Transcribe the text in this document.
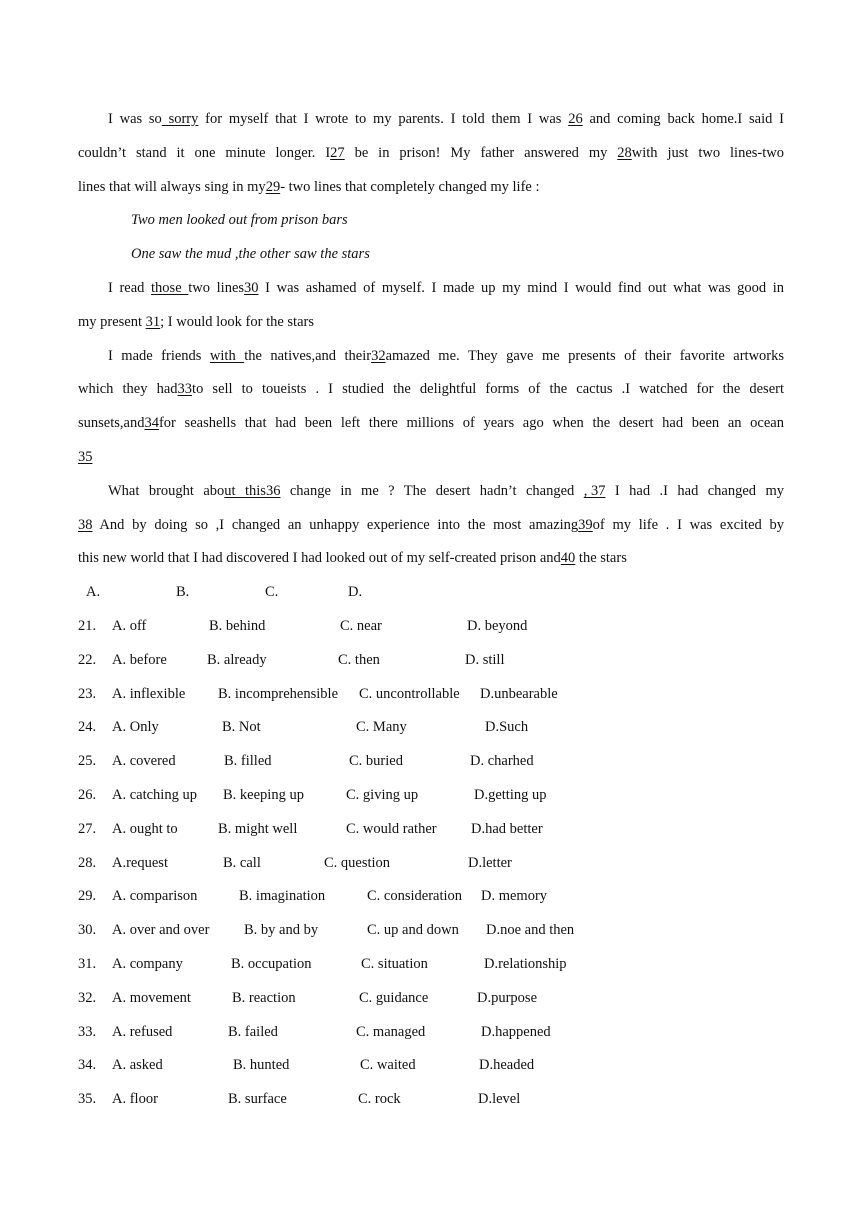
I was so sorry for myself that I wrote to my parents. I told them I was 26 and coming back home.I said I
couldn’t stand it one minute longer. I27 be in prison! My father answered my 28with just two lines-two
lines that will always sing in my29- two lines that completely changed my life :
Two men looked out from prison bars
One saw the mud ,the other saw the stars
I read those two lines30 I was ashamed of myself. I made up my mind I would find out what was good in
my present 31; I would look for the stars
I made friends with the natives,and their32amazed me. They gave me presents of their favorite artworks
which they had33to sell to toueists . I studied the delightful forms of the cactus .I watched for the desert
sunsets,and34for seashells that had been left there millions of years ago when the desert had been an ocean
35
What brought about this36 change in me ? The desert hadn’t changed , 37 I had .I had changed my
38 And by doing so ,I changed an unhappy experience into the most amazing39of my life . I was excited by
this new world that I had discovered I had looked out of my self-created prison and40 the stars
A.	B.	C.	D.
21. A. off	B. behind	C. near	D. beyond
22. A. before	B. already	C. then	D. still
23. A. inflexible B. incomprehensible C. uncontrollable D.unbearable
24. A. Only	B. Not	C. Many	D.Such
25. A. covered	B. filled	C. buried	D. charhed
26. A. catching up B. keeping up	C. giving up	D.getting up
27. A. ought to	B. might well	C. would rather D.had better
28. A.request	B. call	C. question	D.letter
29. A. comparison	B. imagination	C. consideration D. memory
30. A. over and over B. by and by	C. up and down D.noe and then
31. A. company	B. occupation	C. situation	D.relationship
32. A. movement	B. reaction	C. guidance	D.purpose
33. A. refused	B. failed	C. managed	D.happened
34. A. asked	B. hunted	C. waited	D.headed
35. A. floor	B. surface	C. rock	D.level
